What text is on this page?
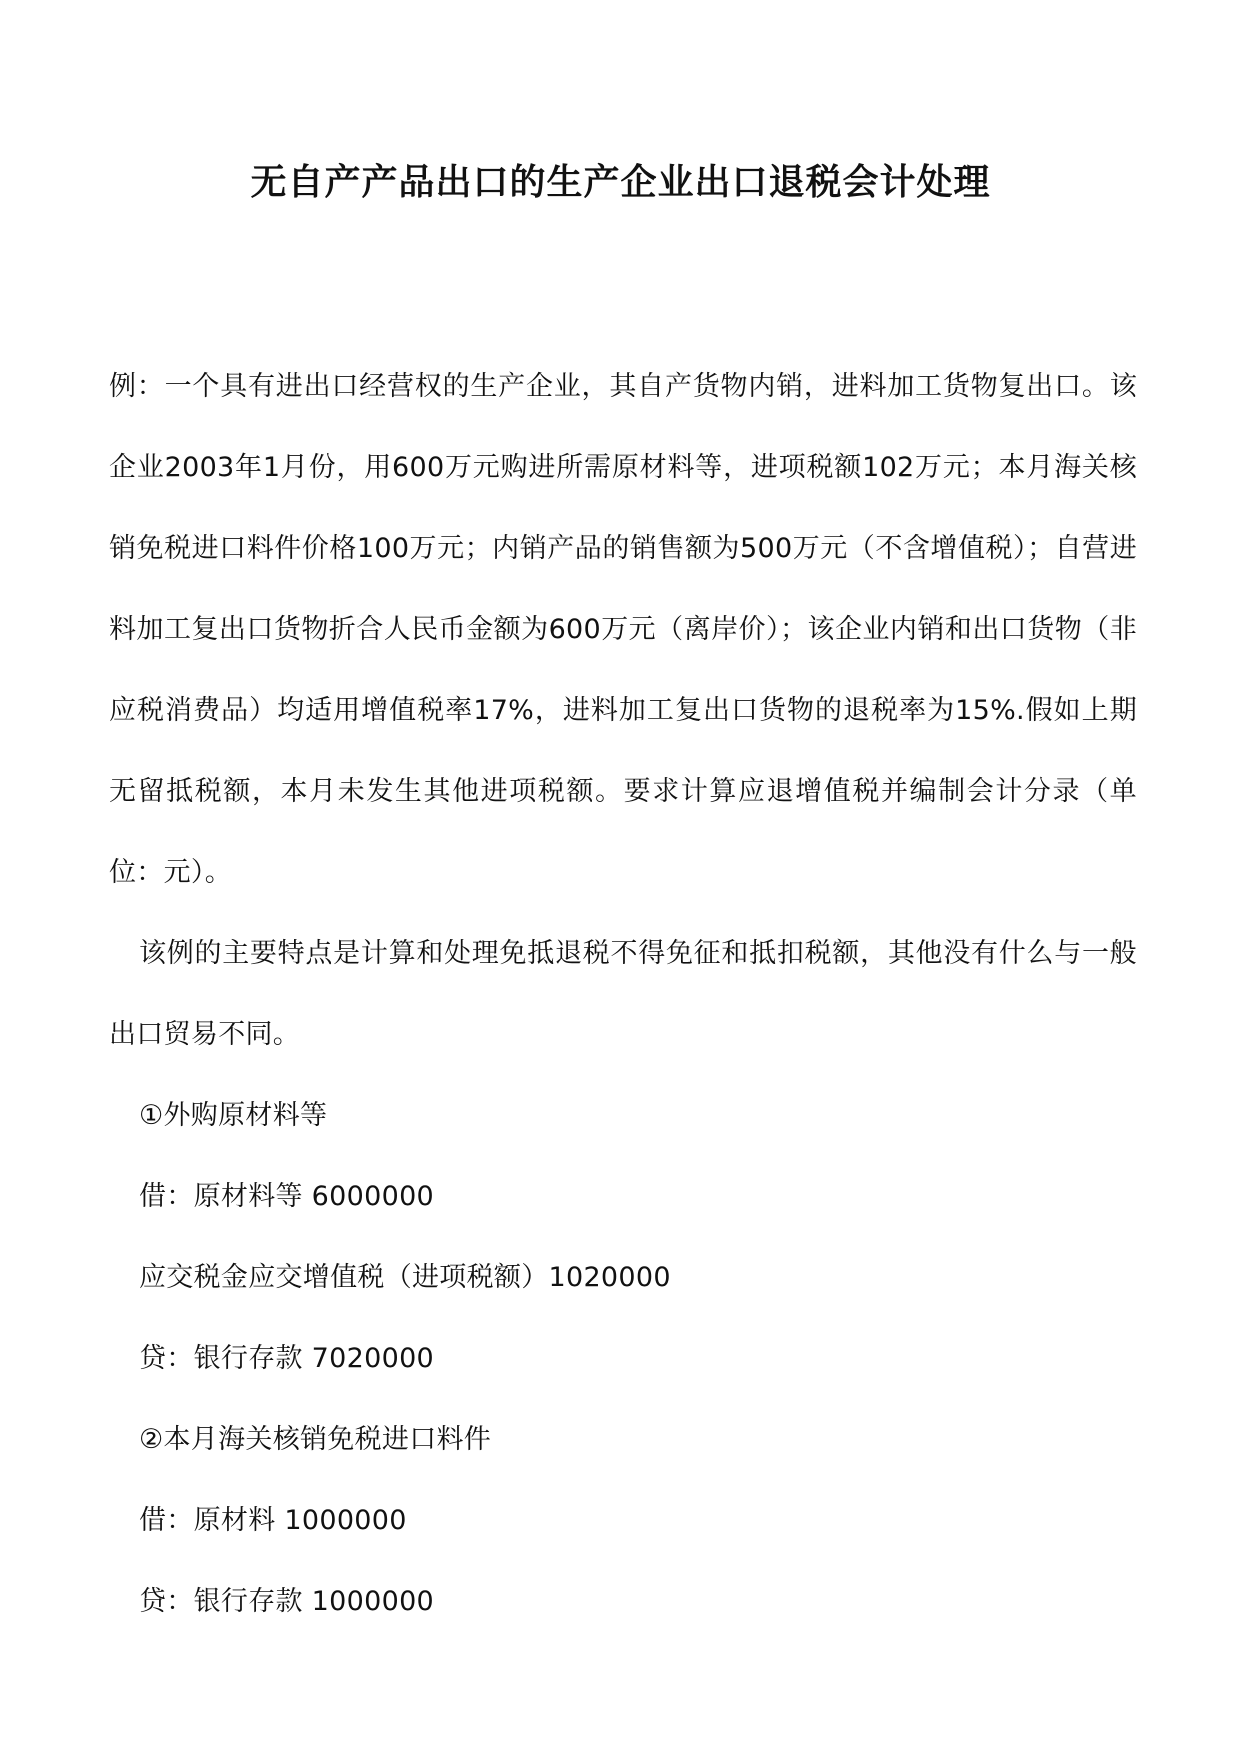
无自产产品出口的生产企业出口退税会计处理

例：一个具有进出口经营权的生产企业，其自产货物内销，进料加工货物复出口。该企业2003年1月份，用600万元购进所需原材料等，进项税额102万元；本月海关核销免税进口料件价格100万元；内销产品的销售额为500万元（不含增值税）；自营进料加工复出口货物折合人民币金额为600万元（离岸价）；该企业内销和出口货物（非应税消费品）均适用增值税率17%，进料加工复出口货物的退税率为15%.假如上期无留抵税额，本月未发生其他进项税额。要求计算应退增值税并编制会计分录（单位：元）。

该例的主要特点是计算和处理免抵退税不得免征和抵扣税额，其他没有什么与一般出口贸易不同。

①外购原材料等

借：原材料等 6000000

应交税金应交增值税（进项税额）1020000

贷：银行存款 7020000

②本月海关核销免税进口料件

借：原材料 1000000

贷：银行存款 1000000
